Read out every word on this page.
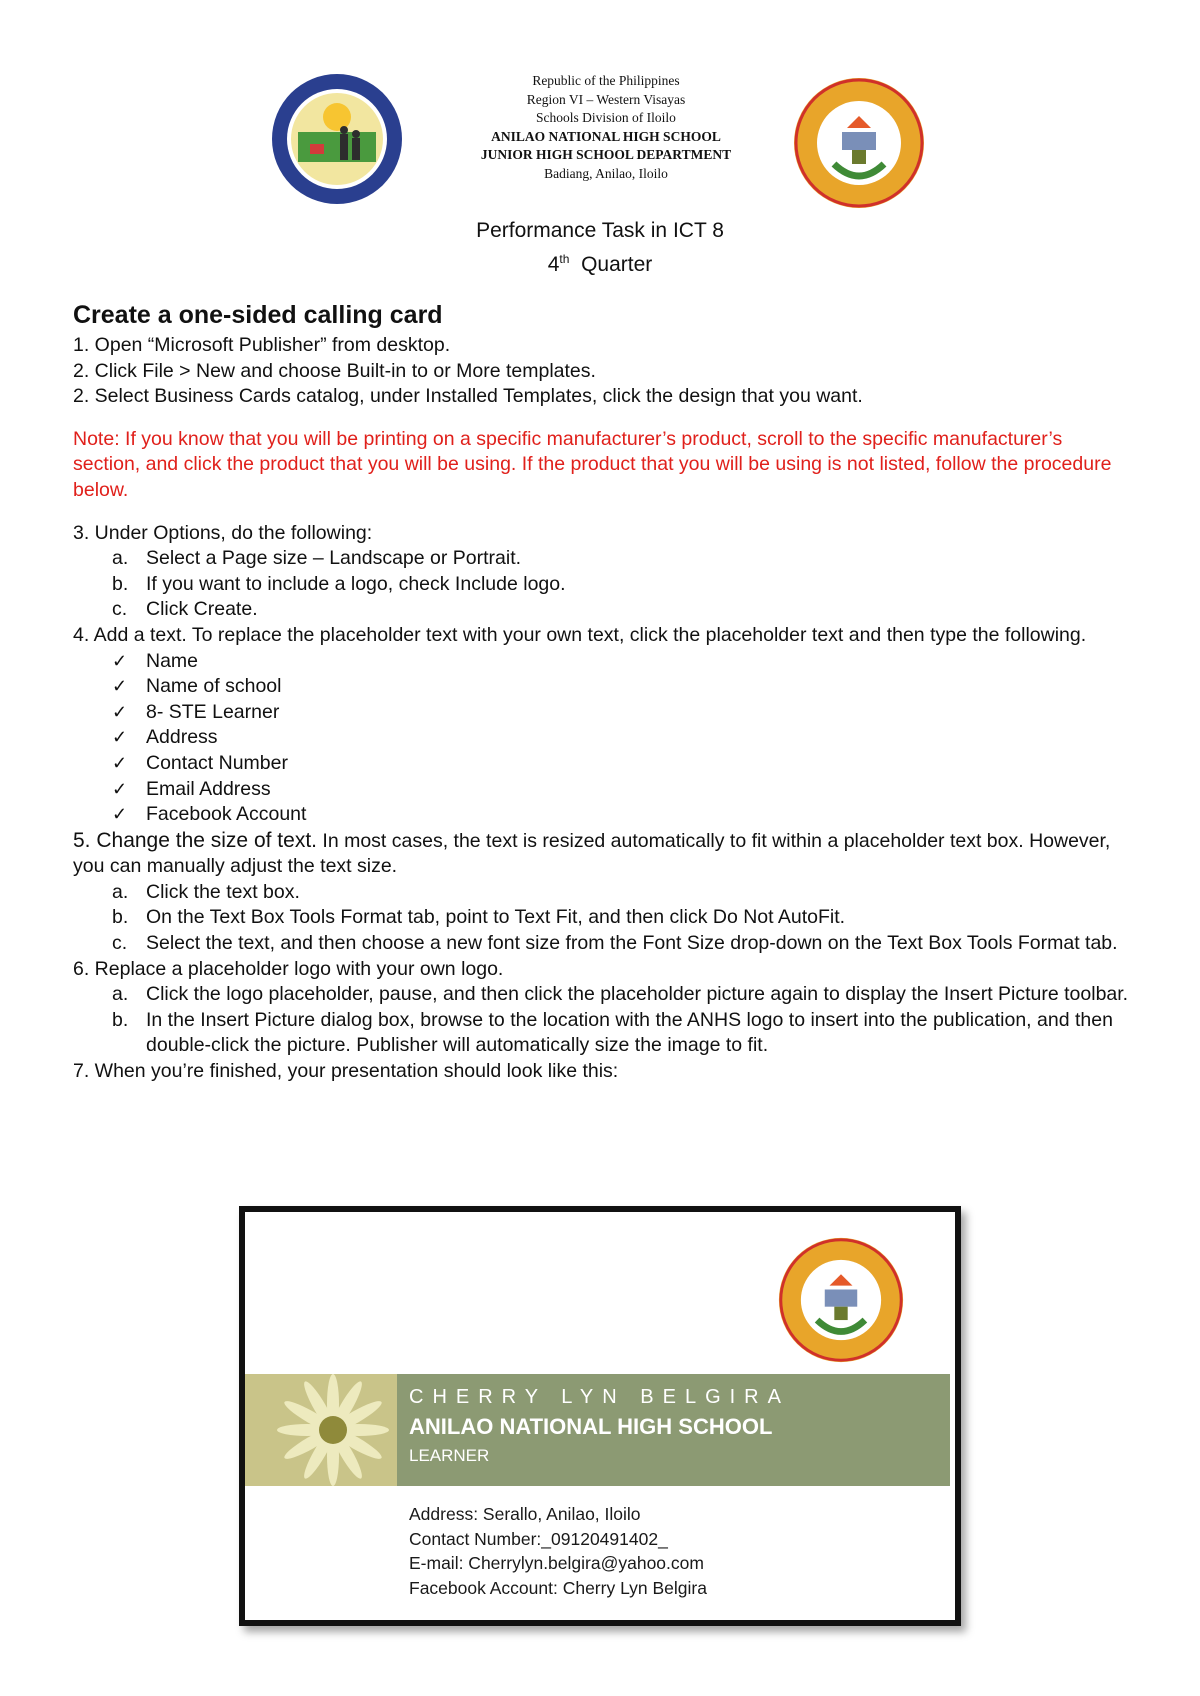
Republic of the Philippines
Region VI – Western Visayas
Schools Division of Iloilo
ANILAO NATIONAL HIGH SCHOOL
JUNIOR HIGH SCHOOL DEPARTMENT
Badiang, Anilao, Iloilo
Performance Task in ICT 8
4th Quarter
Create a one-sided calling card

1. Open “Microsoft Publisher” from desktop.

2. Click File > New and choose Built-in to or More templates.

2. Select Business Cards catalog, under Installed Templates, click the design that you want.

Note: If you know that you will be printing on a specific manufacturer’s product, scroll to the specific manufacturer’s section, and click the product that you will be using. If the product that you will be using is not listed, follow the procedure below.

3. Under Options, do the following:

a. Select a Page size – Landscape or Portrait.
b. If you want to include a logo, check Include logo.
c. Click Create.

4. Add a text. To replace the placeholder text with your own text, click the placeholder text and then type the following.

✓ Name
✓ Name of school
✓ 8- STE Learner
✓ Address
✓ Contact Number
✓ Email Address
✓ Facebook Account

5. Change the size of text. In most cases, the text is resized automatically to fit within a placeholder text box. However, you can manually adjust the text size.

a. Click the text box.
b. On the Text Box Tools Format tab, point to Text Fit, and then click Do Not AutoFit.
c. Select the text, and then choose a new font size from the Font Size drop-down on the Text Box Tools Format tab.

6. Replace a placeholder logo with your own logo.

a. Click the logo placeholder, pause, and then click the placeholder picture again to display the Insert Picture toolbar.
b. In the Insert Picture dialog box, browse to the location with the ANHS logo to insert into the publication, and then double-click the picture. Publisher will automatically size the image to fit.

7. When you’re finished, your presentation should look like this:

CHERRY LYN BELGIRA
ANILAO NATIONAL HIGH SCHOOL
LEARNER
Address: Serallo, Anilao, Iloilo
Contact Number:_09120491402_
E-mail: Cherrylyn.belgira@yahoo.com
Facebook Account: Cherry Lyn Belgira
